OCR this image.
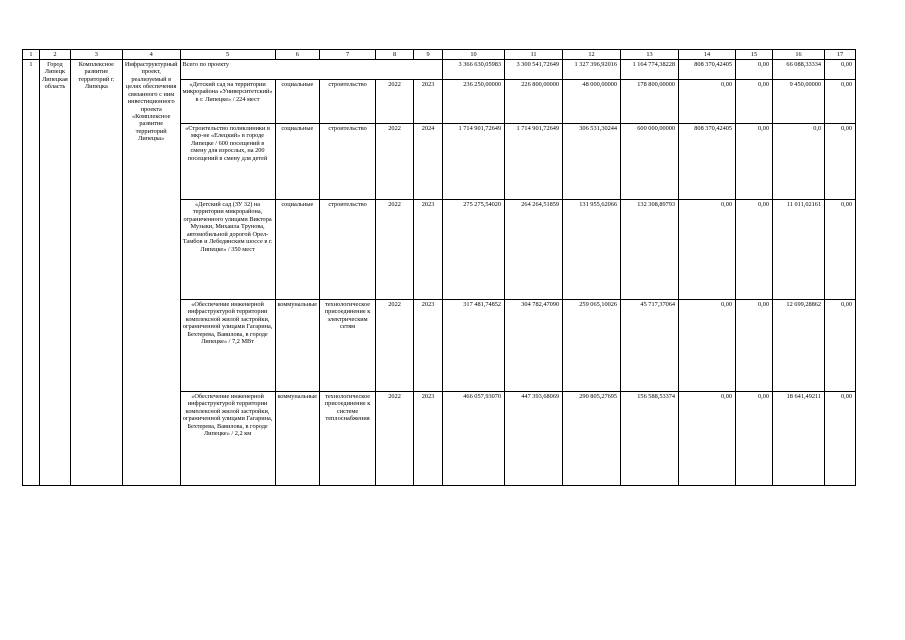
1	2	3	4	5	6	7	8	9	10	11	12	13	14	15	16	17
1	Город Липецк Липецкая область	Комплексное развитие территорий г. Липецка	Инфраструктурный проект, реализуемый в целях обеспечения связанного с ним инвестиционного проекта «Комплексное развитие территорий Липецка»	Всего по проекту					3 366 630,05983	3 300 541,72649	1 327 396,92016	1 164 774,38228	808 370,42405	0,00	66 088,33334	0,00
				«Детский сад на территории микрорайона «Университетский» в г. Липецке» / 224 мест	социальные	строительство	2022	2023	236 250,00000	226 800,00000	48 000,00000	178 800,00000	0,00	0,00	9 450,00000	0,00
				«Строительство поликлиники в мкр-не «Елецкий» в городе Липецке / 600 посещений в смену для взрослых, на 200 посещений в смену для детей	социальные	строительство	2022	2024	1 714 901,72649	1 714 901,72649	306 531,30244	600 000,00000	808 370,42405	0,00	0,0	0,00
				«Детский сад (ЗУ 32) на территории микрорайона, ограниченного улицами Виктора Музыки, Михаила Трунова, автомобильной дорогой Орел-Тамбов и Лебедянским шоссе в г. Липецке» / 350 мест	социальные	строительство	2022	2023	275 275,54020	264 264,51859	131 955,62066	132 308,89793	0,00	0,00	11 011,02161	0,00
				«Обеспечение инженерной инфраструктурой территории комплексной жилой застройки, ограниченной улицами Гагарина, Бехтерева, Вавилова, в городе Липецке» / 7,2 МВт	коммунальные	технологическое присоединение к электрическим сетям	2022	2023	317 481,74852	304 782,47090	259 065,10026	45 717,37064	0,00	0,00	12 699,28862	0,00
				«Обеспечение инженерной инфраструктурой территории комплексной жилой застройки, ограниченной улицами Гагарина, Бехтерева, Вавилова, в городе Липецке» / 2,2 км	коммунальные	технологическое присоединение к системе теплоснабжения	2022	2023	466 057,93070	447 393,68069	290 805,27695	156 588,53374	0,00	0,00	18 641,49211	0,00
